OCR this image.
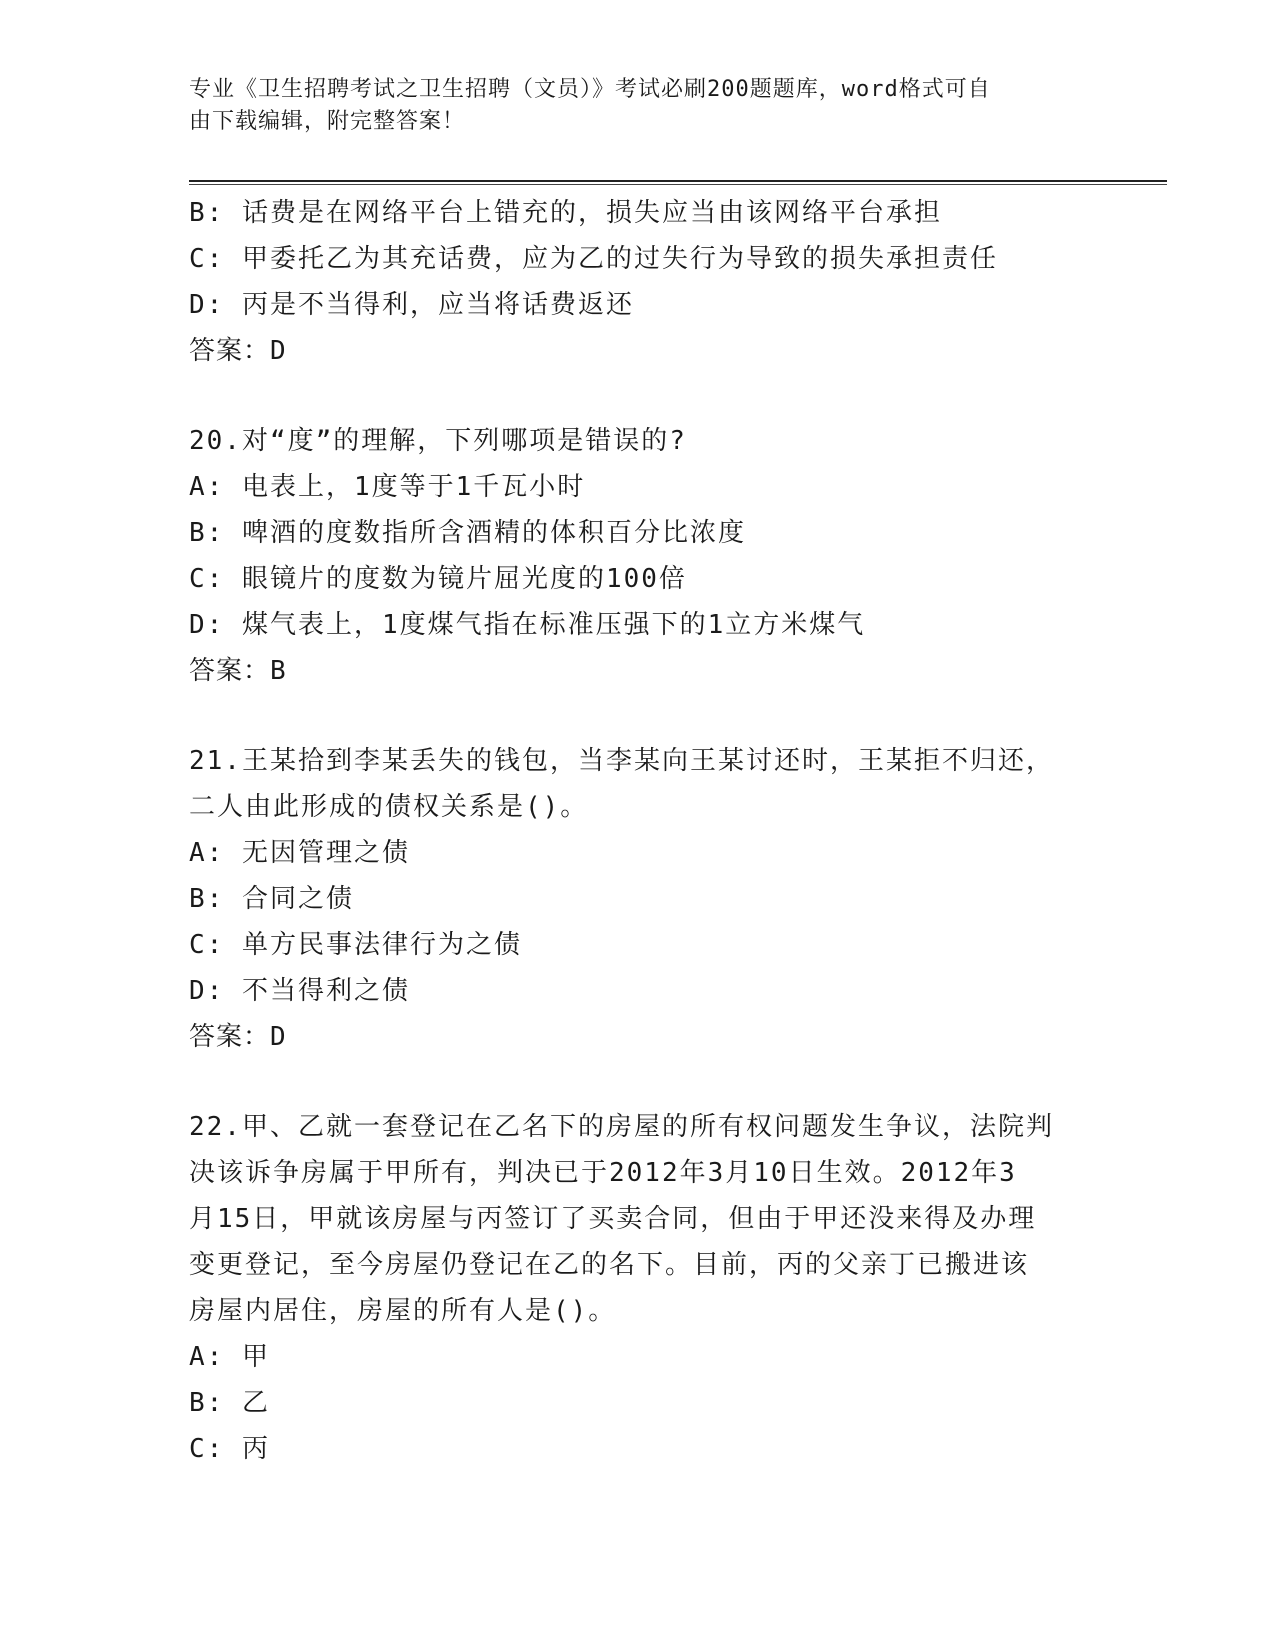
专业《卫生招聘考试之卫生招聘（文员）》考试必刷200题题库，word格式可自
由下载编辑，附完整答案！
B: 话费是在网络平台上错充的，损失应当由该网络平台承担
C: 甲委托乙为其充话费，应为乙的过失行为导致的损失承担责任
D: 丙是不当得利，应当将话费返还
答案：D
20.对“度”的理解，下列哪项是错误的?
A: 电表上，1度等于1千瓦小时
B: 啤酒的度数指所含酒精的体积百分比浓度
C: 眼镜片的度数为镜片屈光度的100倍
D: 煤气表上，1度煤气指在标准压强下的1立方米煤气
答案：B
21.王某拾到李某丢失的钱包，当李某向王某讨还时，王某拒不归还，
二人由此形成的债权关系是()。
A: 无因管理之债
B: 合同之债
C: 单方民事法律行为之债
D: 不当得利之债
答案：D
22.甲、乙就一套登记在乙名下的房屋的所有权问题发生争议，法院判
决该诉争房属于甲所有，判决已于2012年3月10日生效。2012年3
月15日，甲就该房屋与丙签订了买卖合同，但由于甲还没来得及办理
变更登记，至今房屋仍登记在乙的名下。目前，丙的父亲丁已搬进该
房屋内居住，房屋的所有人是()。
A: 甲
B: 乙
C: 丙
